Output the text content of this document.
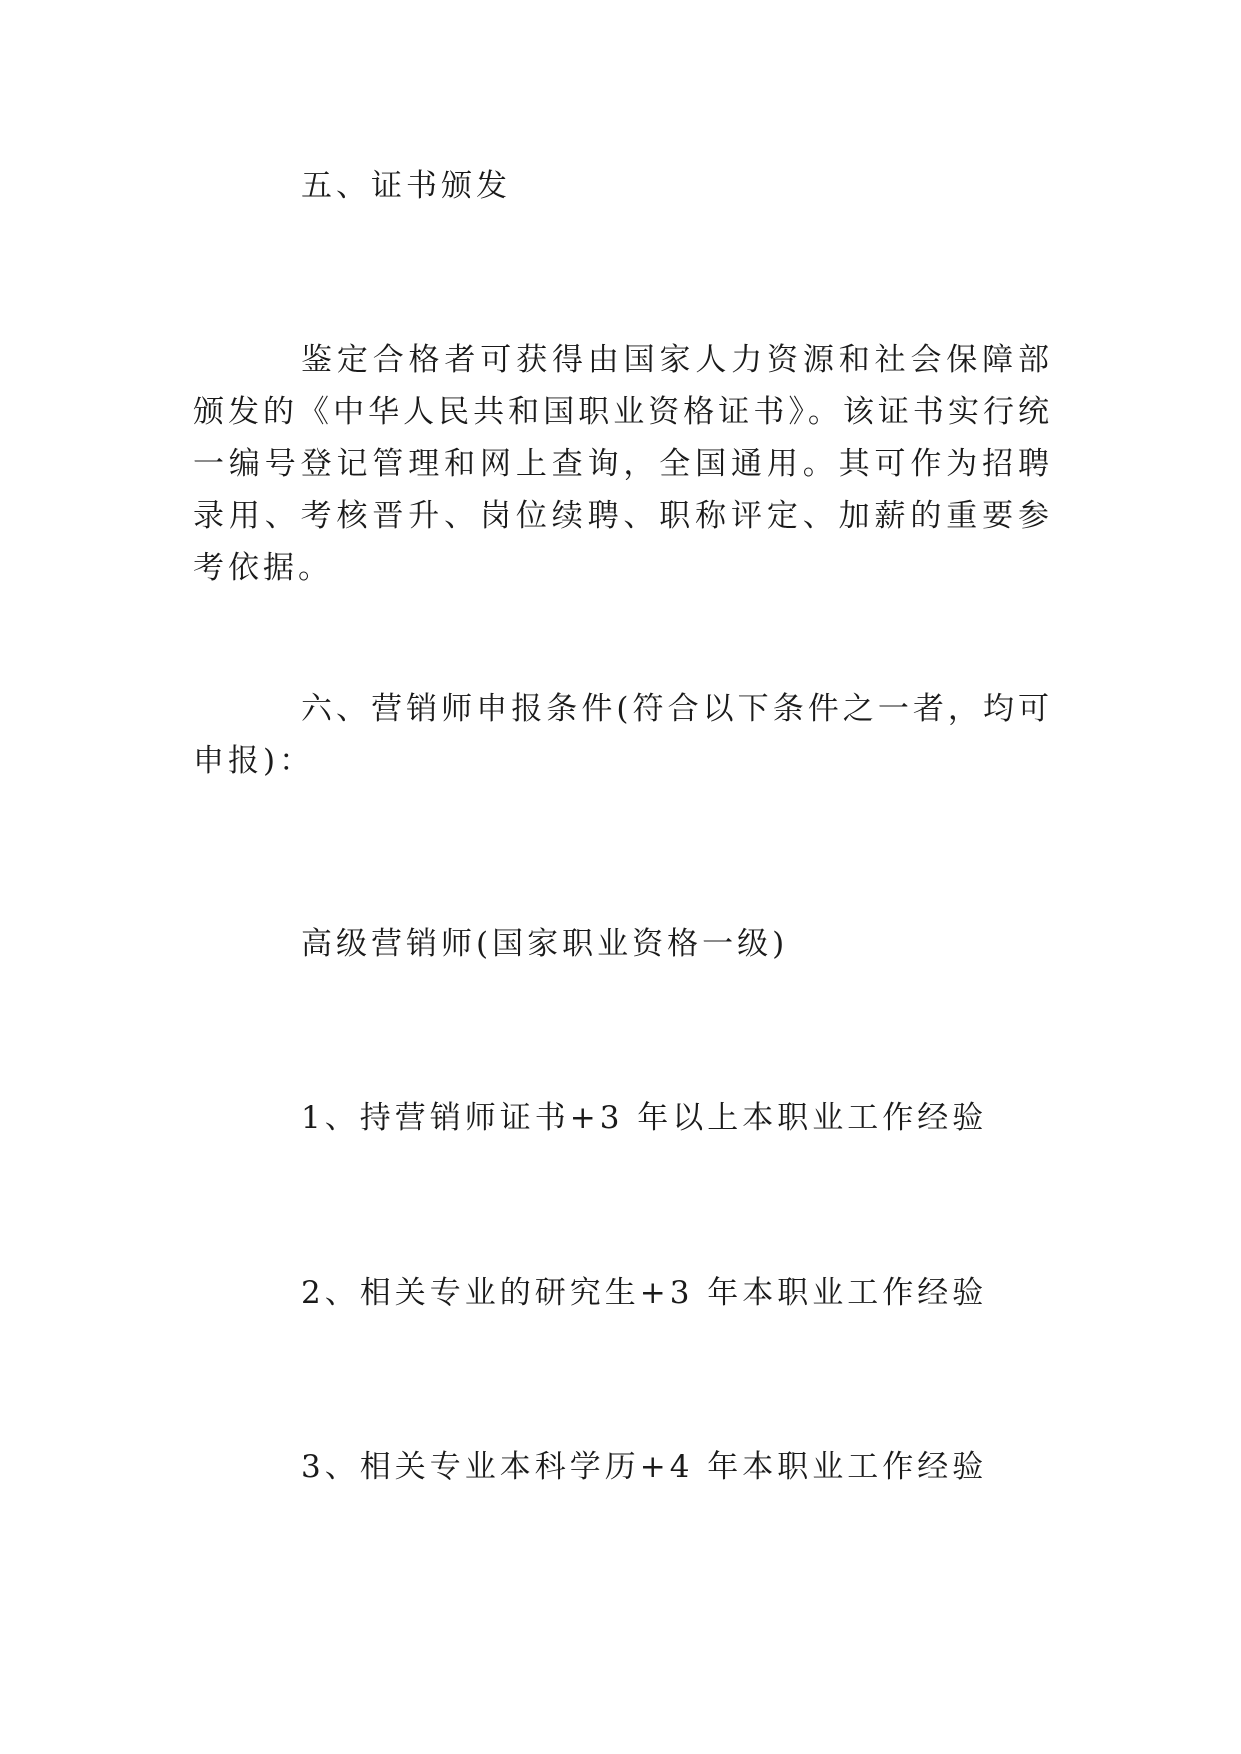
五、证书颁发

鉴定合格者可获得由国家人力资源和社会保障部颁发的《中华人民共和国职业资格证书》。该证书实行统一编号登记管理和网上查询，全国通用。其可作为招聘录用、考核晋升、岗位续聘、职称评定、加薪的重要参考依据。

六、营销师申报条件(符合以下条件之一者，均可申报)：

高级营销师(国家职业资格一级)

1、持营销师证书+3 年以上本职业工作经验

2、相关专业的研究生+3 年本职业工作经验

3、相关专业本科学历+4 年本职业工作经验
